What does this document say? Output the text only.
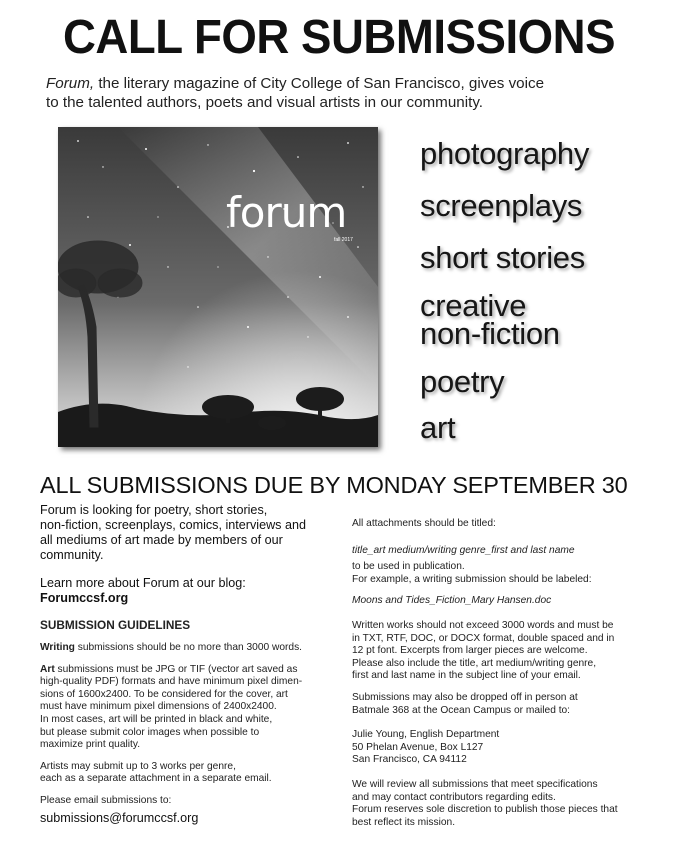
CALL FOR SUBMISSIONS
Forum, the literary magazine of City College of San Francisco, gives voice
to the talented authors, poets and visual artists in our community.
forum
fall 2017
photography
screenplays
short stories
creative
non-fiction
poetry
art
ALL SUBMISSIONS DUE BY MONDAY SEPTEMBER 30

Forum is looking for poetry, short stories,

non-fiction, screenplays, comics, interviews and

all mediums of art made by members of our

community.

Learn more about Forum at our blog:

Forumccsf.org

SUBMISSION GUIDELINES

Writing submissions should be no more than 3000 words.

Art submissions must be JPG or TIF (vector art saved as

high-quality PDF) formats and have minimum pixel dimen-

sions of 1600x2400. To be considered for the cover, art

must have minimum pixel dimensions of 2400x2400.

In most cases, art will be printed in black and white,

but please submit color images when possible to

maximize print quality.

Artists may submit up to 3 works per genre,

each as a separate attachment in a separate email.

Please email submissions to:

submissions@forumccsf.org

All attachments should be titled:

title_art medium/writing genre_first and last name

to be used in publication.

For example, a writing submission should be labeled:

Moons and Tides_Fiction_Mary Hansen.doc

Written works should not exceed 3000 words and must be

in TXT, RTF, DOC, or DOCX format, double spaced and in

12 pt font. Excerpts from larger pieces are welcome.

Please also include the title, art medium/writing genre,

first and last name in the subject line of your email.

Submissions may also be dropped off in person at

Batmale 368 at the Ocean Campus or mailed to:

Julie Young, English Department

50 Phelan Avenue, Box L127

San Francisco, CA 94112

We will review all submissions that meet specifications

and may contact contributors regarding edits.

Forum reserves sole discretion to publish those pieces that

best reflect its mission.
